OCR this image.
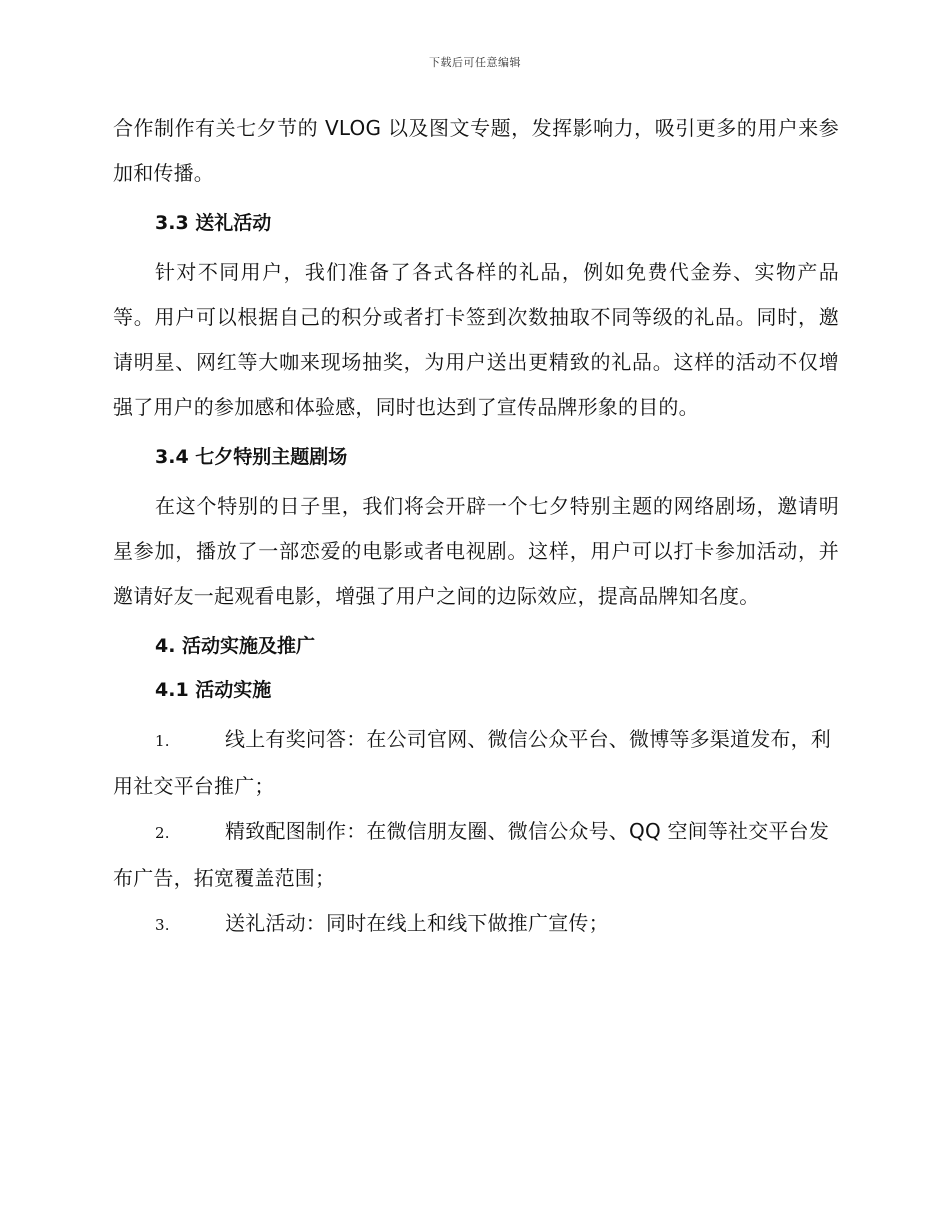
下载后可任意编辑

合作制作有关七夕节的 VLOG 以及图文专题，发挥影响力，吸引更多的用户来参加和传播。

3.3 送礼活动

针对不同用户，我们准备了各式各样的礼品，例如免费代金券、实物产品等。用户可以根据自己的积分或者打卡签到次数抽取不同等级的礼品。同时，邀请明星、网红等大咖来现场抽奖，为用户送出更精致的礼品。这样的活动不仅增强了用户的参加感和体验感，同时也达到了宣传品牌形象的目的。

3.4 七夕特别主题剧场

在这个特别的日子里，我们将会开辟一个七夕特别主题的网络剧场，邀请明星参加，播放了一部恋爱的电影或者电视剧。这样，用户可以打卡参加活动，并邀请好友一起观看电影，增强了用户之间的边际效应，提高品牌知名度。

4. 活动实施及推广
4.1 活动实施

1.	线上有奖问答：在公司官网、微信公众平台、微博等多渠道发布，利用社交平台推广；

2.	精致配图制作：在微信朋友圈、微信公众号、QQ 空间等社交平台发布广告，拓宽覆盖范围；

3.	送礼活动：同时在线上和线下做推广宣传；
